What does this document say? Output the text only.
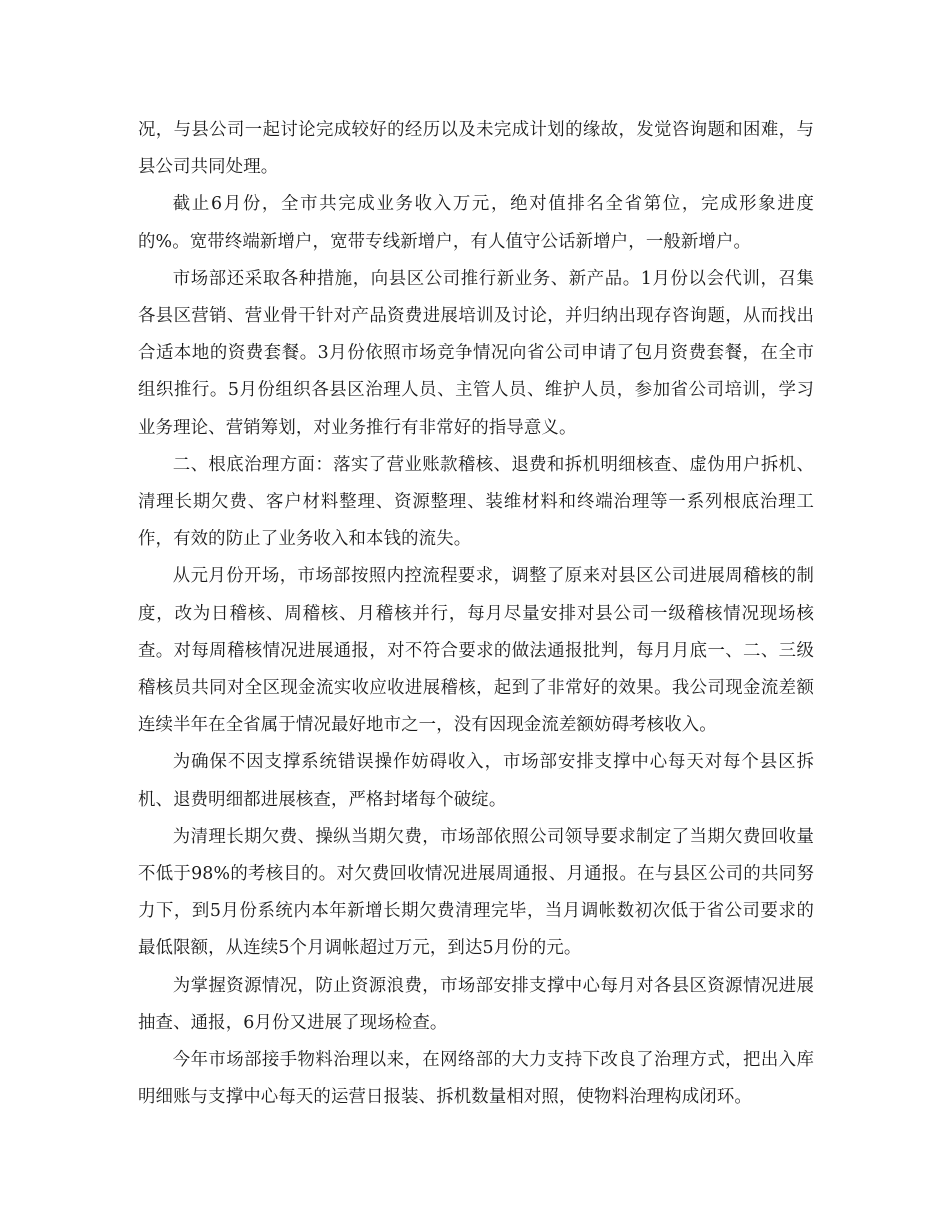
况，与县公司一起讨论完成较好的经历以及未完成计划的缘故，发觉咨询题和困难，与县公司共同处理。

截止6月份，全市共完成业务收入万元，绝对值排名全省第位，完成形象进度的%。宽带终端新增户，宽带专线新增户，有人值守公话新增户，一般新增户。

市场部还采取各种措施，向县区公司推行新业务、新产品。1月份以会代训，召集各县区营销、营业骨干针对产品资费进展培训及讨论，并归纳出现存咨询题，从而找出合适本地的资费套餐。3月份依照市场竞争情况向省公司申请了包月资费套餐，在全市组织推行。5月份组织各县区治理人员、主管人员、维护人员，参加省公司培训，学习业务理论、营销筹划，对业务推行有非常好的指导意义。

二、根底治理方面：落实了营业账款稽核、退费和拆机明细核查、虚伪用户拆机、清理长期欠费、客户材料整理、资源整理、装维材料和终端治理等一系列根底治理工作，有效的防止了业务收入和本钱的流失。

从元月份开场，市场部按照内控流程要求，调整了原来对县区公司进展周稽核的制度，改为日稽核、周稽核、月稽核并行，每月尽量安排对县公司一级稽核情况现场核查。对每周稽核情况进展通报，对不符合要求的做法通报批判，每月月底一、二、三级稽核员共同对全区现金流实收应收进展稽核，起到了非常好的效果。我公司现金流差额连续半年在全省属于情况最好地市之一，没有因现金流差额妨碍考核收入。

为确保不因支撑系统错误操作妨碍收入，市场部安排支撑中心每天对每个县区拆机、退费明细都进展核查，严格封堵每个破绽。

为清理长期欠费、操纵当期欠费，市场部依照公司领导要求制定了当期欠费回收量不低于98%的考核目的。对欠费回收情况进展周通报、月通报。在与县区公司的共同努力下，到5月份系统内本年新增长期欠费清理完毕，当月调帐数初次低于省公司要求的最低限额，从连续5个月调帐超过万元，到达5月份的元。

为掌握资源情况，防止资源浪费，市场部安排支撑中心每月对各县区资源情况进展抽查、通报，6月份又进展了现场检查。

今年市场部接手物料治理以来，在网络部的大力支持下改良了治理方式，把出入库明细账与支撑中心每天的运营日报装、拆机数量相对照，使物料治理构成闭环。
